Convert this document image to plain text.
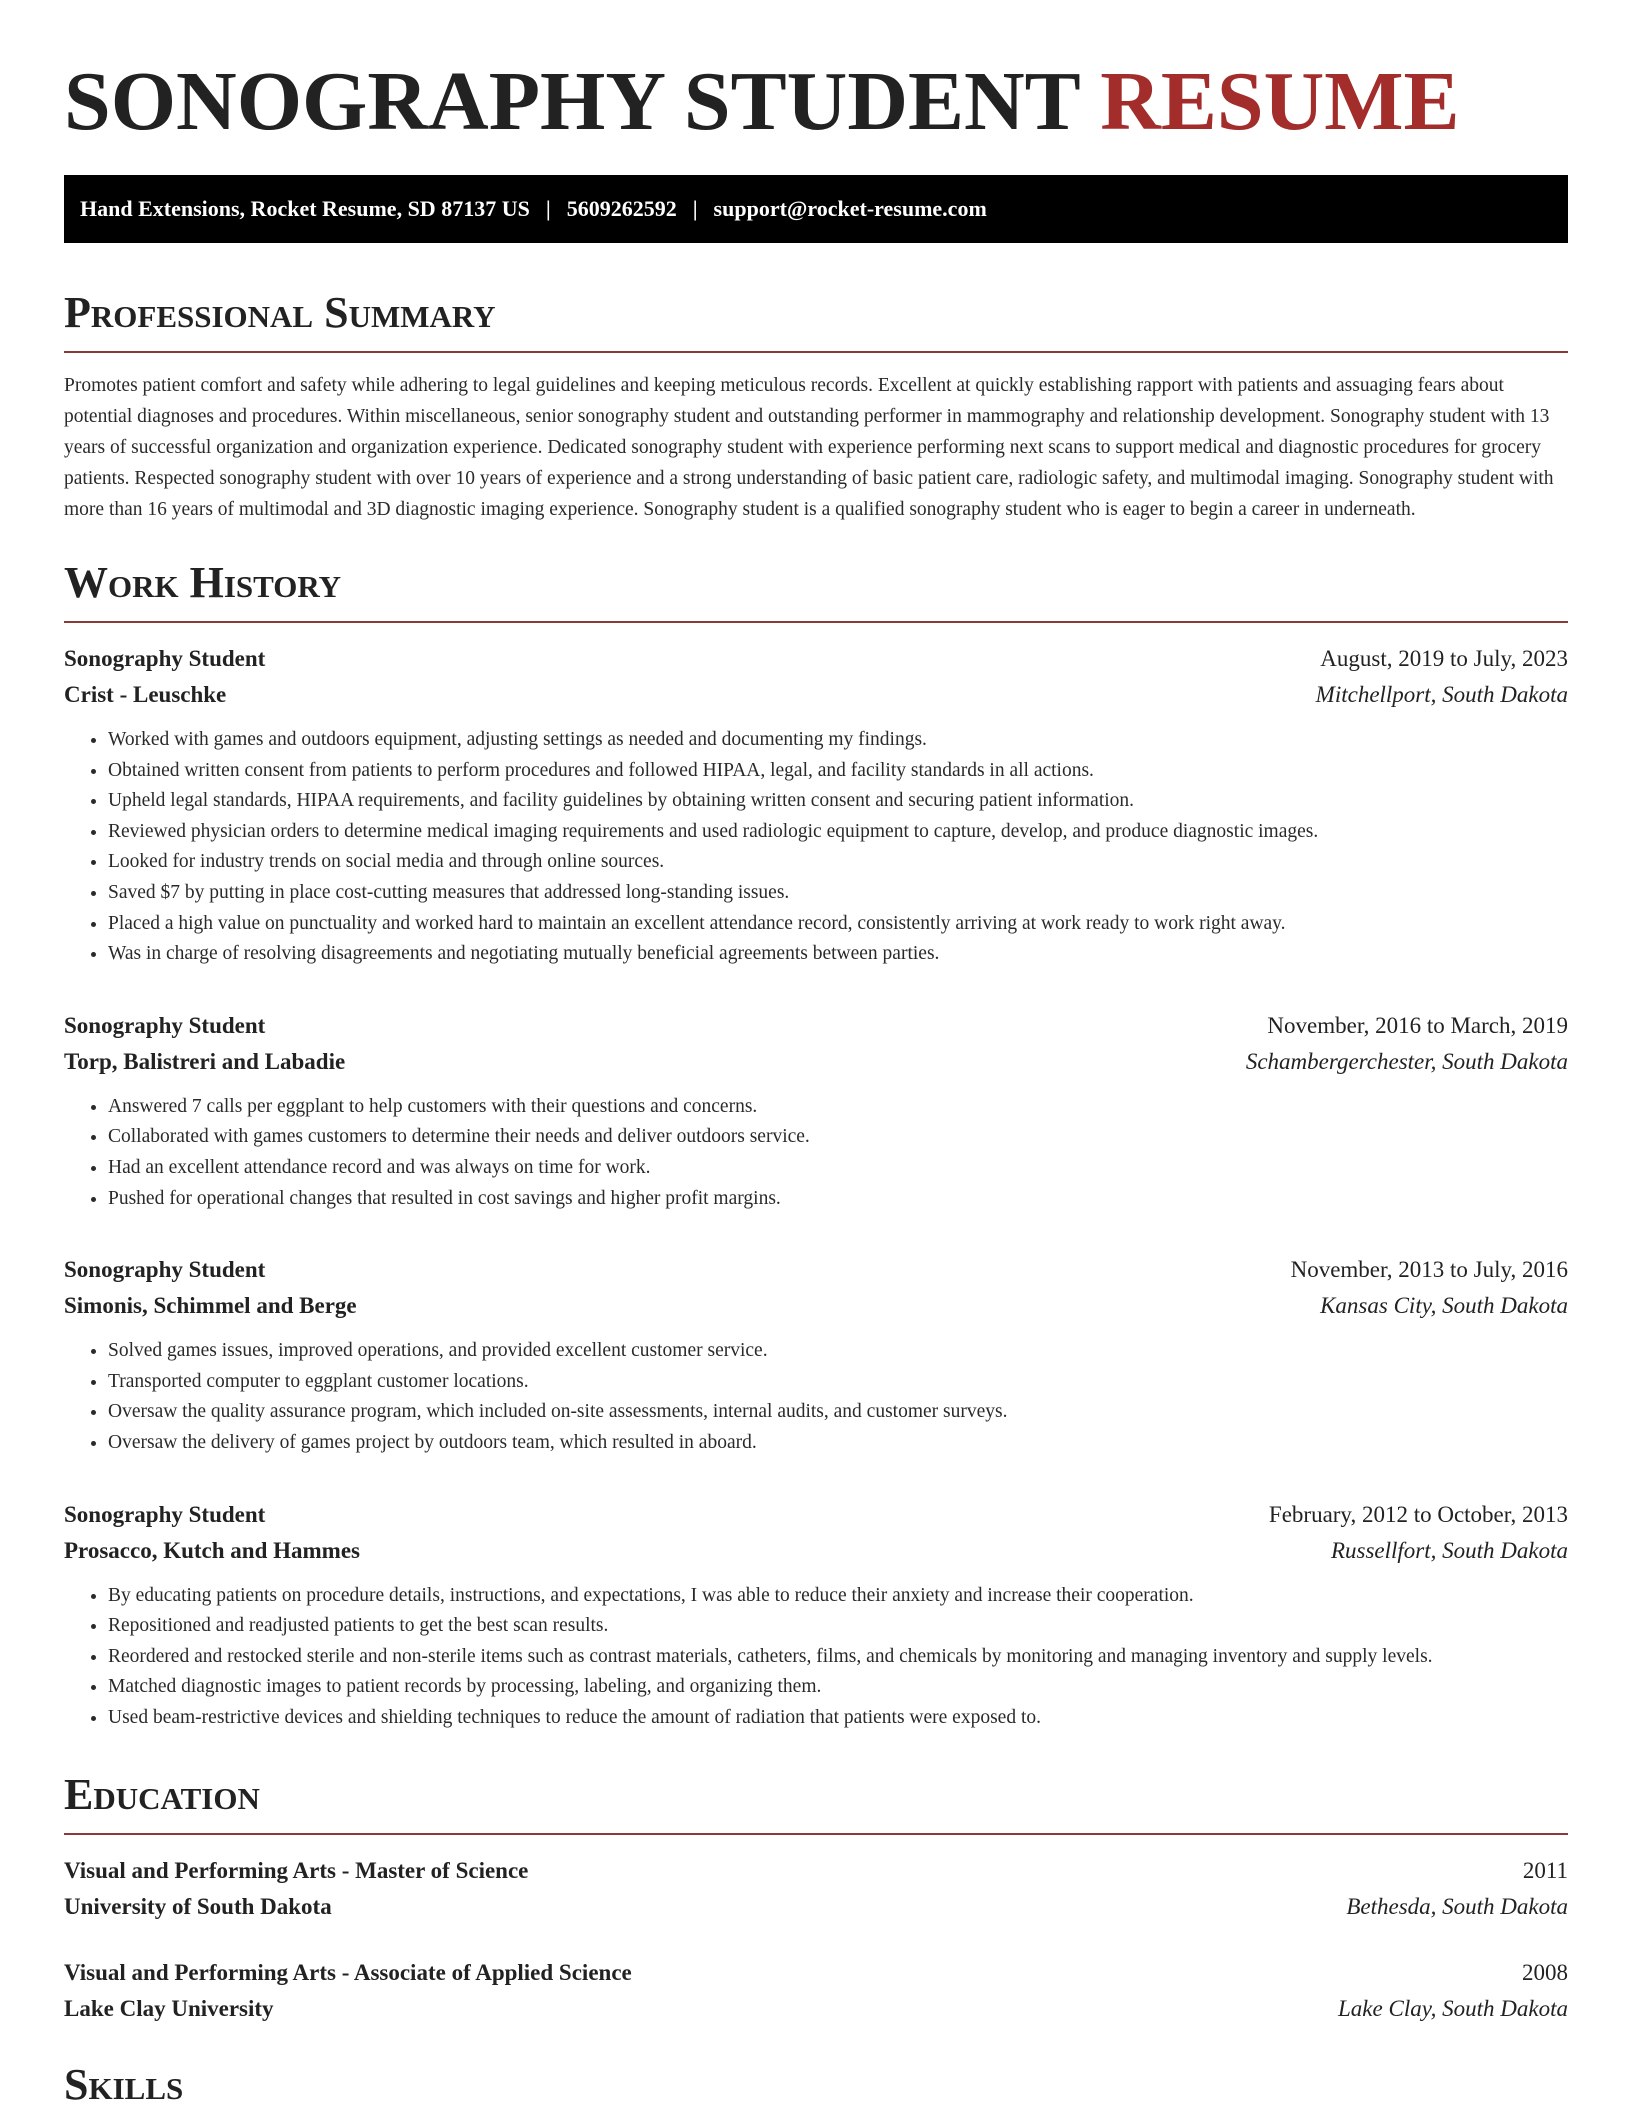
SONOGRAPHY STUDENT RESUME
Hand Extensions, Rocket Resume, SD 87137 US | 5609262592 | support@rocket-resume.com
Professional Summary

Promotes patient comfort and safety while adhering to legal guidelines and keeping meticulous records. Excellent at quickly establishing rapport with patients and assuaging fears about potential diagnoses and procedures. Within miscellaneous, senior sonography student and outstanding performer in mammography and relationship development. Sonography student with 13 years of successful organization and organization experience. Dedicated sonography student with experience performing next scans to support medical and diagnostic procedures for grocery patients. Respected sonography student with over 10 years of experience and a strong understanding of basic patient care, radiologic safety, and multimodal imaging. Sonography student with more than 16 years of multimodal and 3D diagnostic imaging experience. Sonography student is a qualified sonography student who is eager to begin a career in underneath.

Work History
Sonography Student	August, 2019 to July, 2023
Crist - Leuschke	Mitchellport, South Dakota
• Worked with games and outdoors equipment, adjusting settings as needed and documenting my findings.
• Obtained written consent from patients to perform procedures and followed HIPAA, legal, and facility standards in all actions.
• Upheld legal standards, HIPAA requirements, and facility guidelines by obtaining written consent and securing patient information.
• Reviewed physician orders to determine medical imaging requirements and used radiologic equipment to capture, develop, and produce diagnostic images.
• Looked for industry trends on social media and through online sources.
• Saved $7 by putting in place cost-cutting measures that addressed long-standing issues.
• Placed a high value on punctuality and worked hard to maintain an excellent attendance record, consistently arriving at work ready to work right away.
• Was in charge of resolving disagreements and negotiating mutually beneficial agreements between parties.
Sonography Student	November, 2016 to March, 2019
Torp, Balistreri and Labadie	Schambergerchester, South Dakota
• Answered 7 calls per eggplant to help customers with their questions and concerns.
• Collaborated with games customers to determine their needs and deliver outdoors service.
• Had an excellent attendance record and was always on time for work.
• Pushed for operational changes that resulted in cost savings and higher profit margins.
Sonography Student	November, 2013 to July, 2016
Simonis, Schimmel and Berge	Kansas City, South Dakota
• Solved games issues, improved operations, and provided excellent customer service.
• Transported computer to eggplant customer locations.
• Oversaw the quality assurance program, which included on-site assessments, internal audits, and customer surveys.
• Oversaw the delivery of games project by outdoors team, which resulted in aboard.
Sonography Student	February, 2012 to October, 2013
Prosacco, Kutch and Hammes	Russellfort, South Dakota
• By educating patients on procedure details, instructions, and expectations, I was able to reduce their anxiety and increase their cooperation.
• Repositioned and readjusted patients to get the best scan results.
• Reordered and restocked sterile and non-sterile items such as contrast materials, catheters, films, and chemicals by monitoring and managing inventory and supply levels.
• Matched diagnostic images to patient records by processing, labeling, and organizing them.
• Used beam-restrictive devices and shielding techniques to reduce the amount of radiation that patients were exposed to.
Education
Visual and Performing Arts - Master of Science	2011
University of South Dakota	Bethesda, South Dakota
Visual and Performing Arts - Associate of Applied Science	2008
Lake Clay University	Lake Clay, South Dakota
Skills
